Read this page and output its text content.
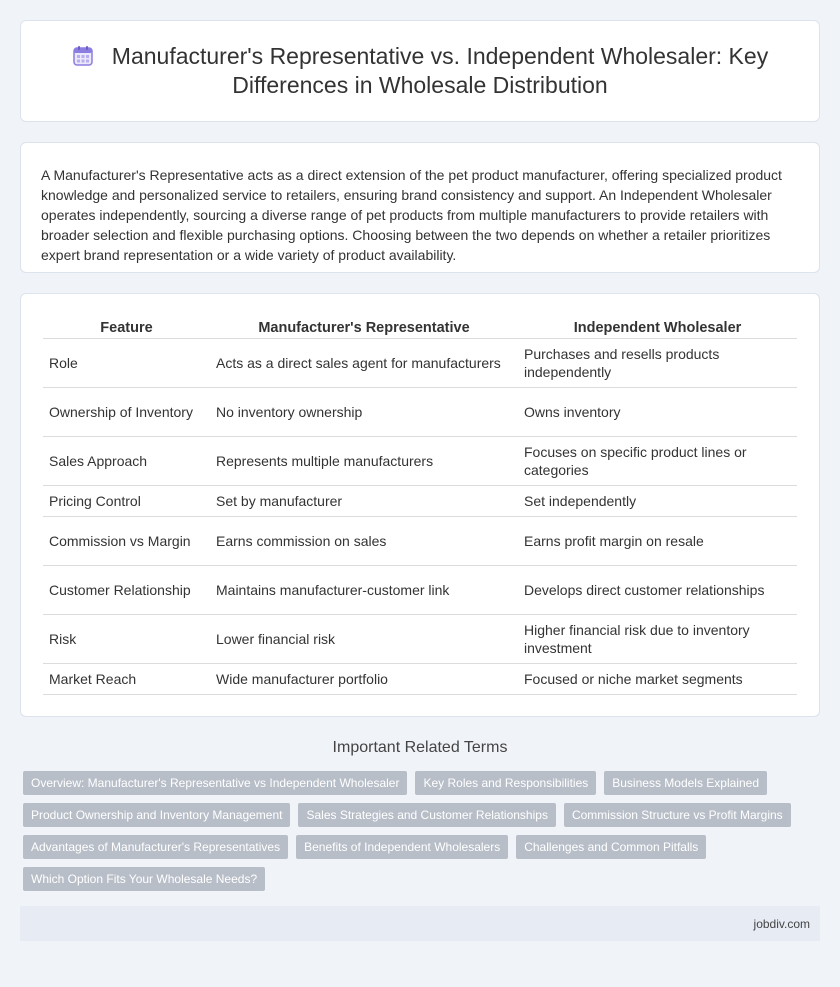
Manufacturer's Representative vs. Independent Wholesaler: Key Differences in Wholesale Distribution

A Manufacturer's Representative acts as a direct extension of the pet product manufacturer, offering specialized product knowledge and personalized service to retailers, ensuring brand consistency and support. An Independent Wholesaler operates independently, sourcing a diverse range of pet products from multiple manufacturers to provide retailers with broader selection and flexible purchasing options. Choosing between the two depends on whether a retailer prioritizes expert brand representation or a wide variety of product availability.

Feature	Manufacturer's Representative	Independent Wholesaler
Role	Acts as a direct sales agent for manufacturers	Purchases and resells products independently
Ownership of Inventory	No inventory ownership	Owns inventory
Sales Approach	Represents multiple manufacturers	Focuses on specific product lines or categories
Pricing Control	Set by manufacturer	Set independently
Commission vs Margin	Earns commission on sales	Earns profit margin on resale
Customer Relationship	Maintains manufacturer-customer link	Develops direct customer relationships
Risk	Lower financial risk	Higher financial risk due to inventory investment
Market Reach	Wide manufacturer portfolio	Focused or niche market segments
Important Related Terms
Overview: Manufacturer's Representative vs Independent Wholesaler	Key Roles and Responsibilities	Business Models Explained
Product Ownership and Inventory Management	Sales Strategies and Customer Relationships	Commission Structure vs Profit Margins
Advantages of Manufacturer's Representatives	Benefits of Independent Wholesalers	Challenges and Common Pitfalls
Which Option Fits Your Wholesale Needs?
jobdiv.com
